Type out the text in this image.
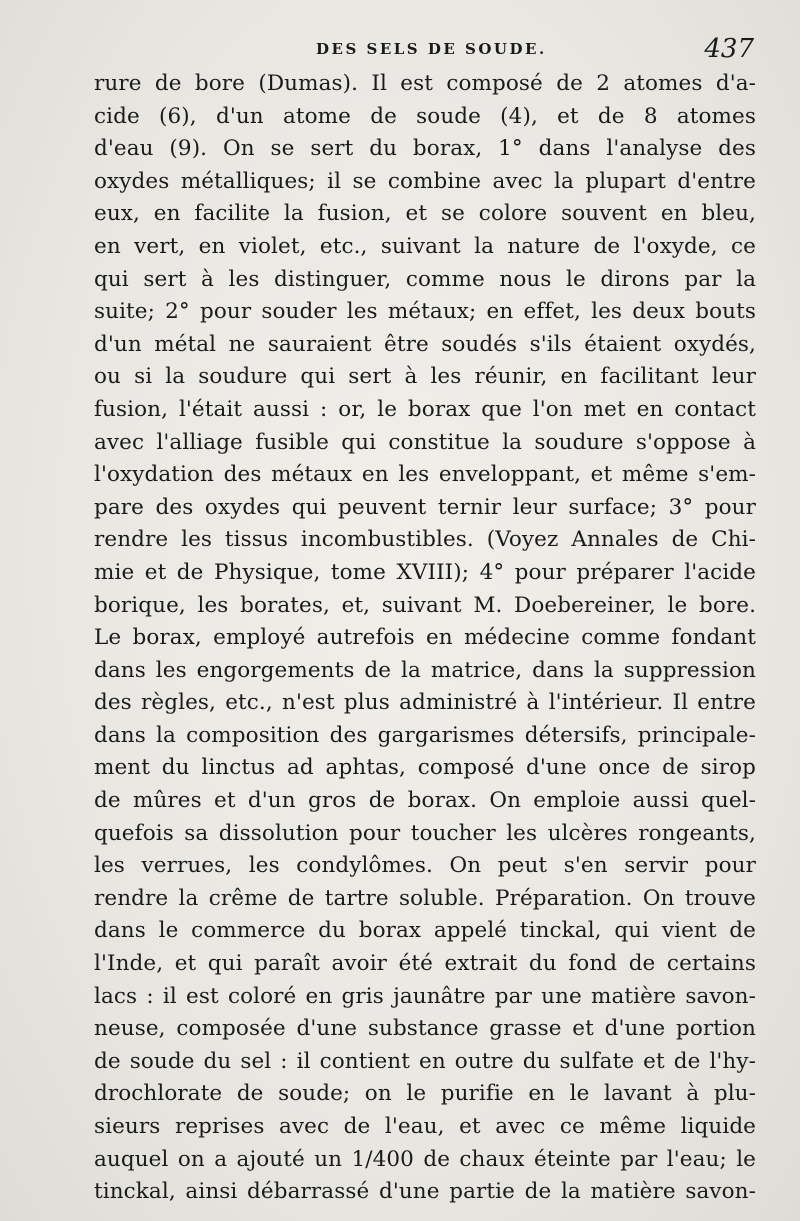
DES SELS DE SOUDE.	437
rure de bore (Dumas). Il est composé de 2 atomes d'a-
cide (6), d'un atome de soude (4), et de 8 atomes
d'eau (9). On se sert du borax, 1° dans l'analyse des
oxydes métalliques; il se combine avec la plupart d'entre
eux, en facilite la fusion, et se colore souvent en bleu,
en vert, en violet, etc., suivant la nature de l'oxyde, ce
qui sert à les distinguer, comme nous le dirons par la
suite; 2° pour souder les métaux; en effet, les deux bouts
d'un métal ne sauraient être soudés s'ils étaient oxydés,
ou si la soudure qui sert à les réunir, en facilitant leur
fusion, l'était aussi : or, le borax que l'on met en contact
avec l'alliage fusible qui constitue la soudure s'oppose à
l'oxydation des métaux en les enveloppant, et même s'em-
pare des oxydes qui peuvent ternir leur surface; 3° pour
rendre les tissus incombustibles. (Voyez Annales de Chi-
mie et de Physique, tome XVIII); 4° pour préparer l'acide
borique, les borates, et, suivant M. Doebereiner, le bore.
Le borax, employé autrefois en médecine comme fondant
dans les engorgements de la matrice, dans la suppression
des règles, etc., n'est plus administré à l'intérieur. Il entre
dans la composition des gargarismes détersifs, principale-
ment du linctus ad aphtas, composé d'une once de sirop
de mûres et d'un gros de borax. On emploie aussi quel-
quefois sa dissolution pour toucher les ulcères rongeants,
les verrues, les condylômes. On peut s'en servir pour
rendre la crême de tartre soluble. Préparation. On trouve
dans le commerce du borax appelé tinckal, qui vient de
l'Inde, et qui paraît avoir été extrait du fond de certains
lacs : il est coloré en gris jaunâtre par une matière savon-
neuse, composée d'une substance grasse et d'une portion
de soude du sel : il contient en outre du sulfate et de l'hy-
drochlorate de soude; on le purifie en le lavant à plu-
sieurs reprises avec de l'eau, et avec ce même liquide
auquel on a ajouté un 1/400 de chaux éteinte par l'eau; le
tinckal, ainsi débarrassé d'une partie de la matière savon-
